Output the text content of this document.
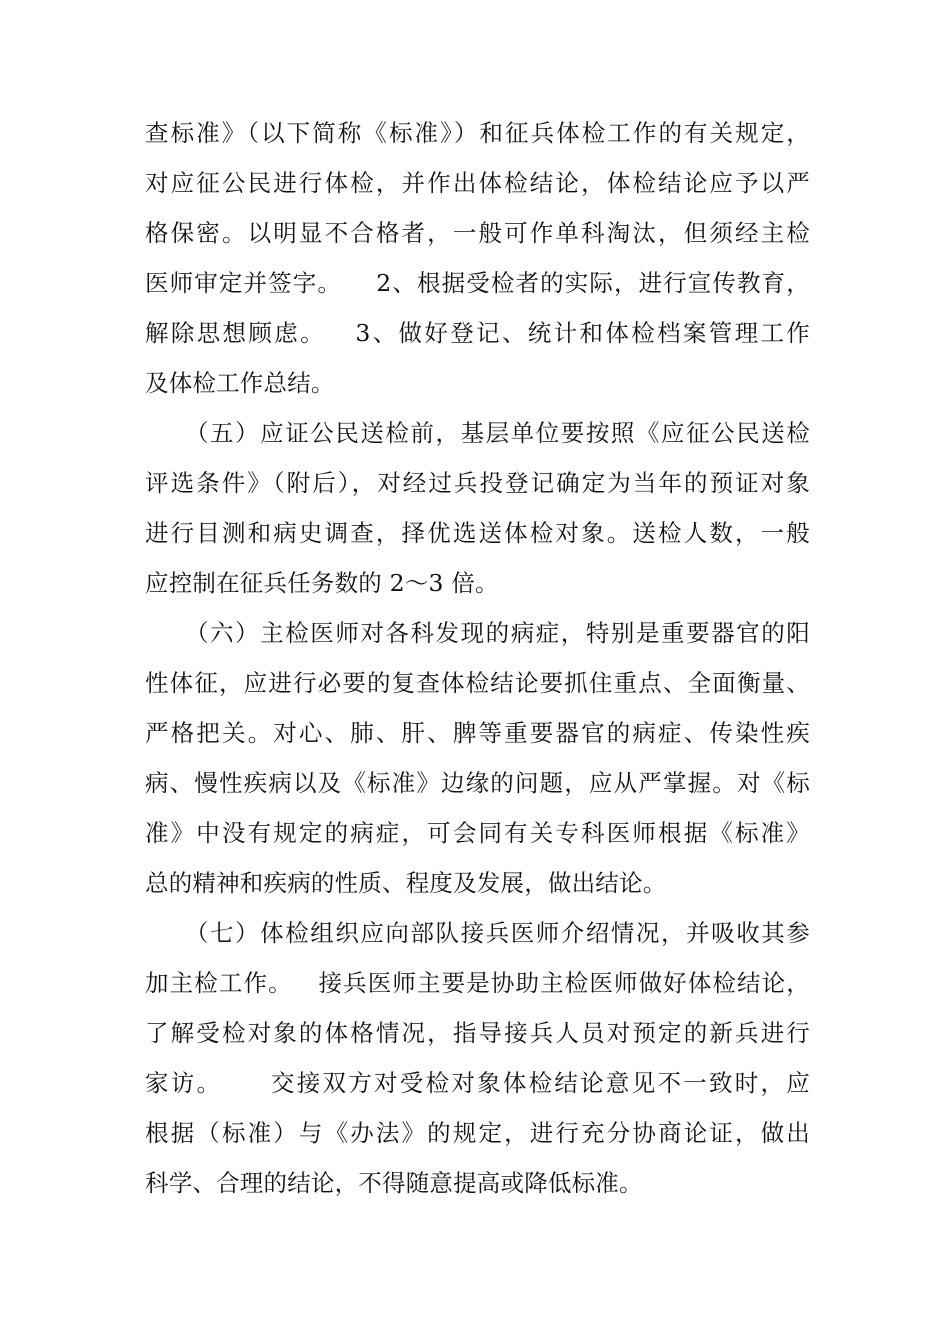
查标准》（以下简称《标准》）和征兵体检工作的有关规定，
对应征公民进行体检，并作出体检结论，体检结论应予以严
格保密。以明显不合格者，一般可作单科淘汰，但须经主检
医师审定并签字。    2、根据受检者的实际，进行宣传教育，
解除思想顾虑。   3、做好登记、统计和体检档案管理工作
及体检工作总结。
（五）应证公民送检前，基层单位要按照《应征公民送检
评选条件》（附后），对经过兵投登记确定为当年的预证对象
进行目测和病史调查，择优选送体检对象。送检人数，一般
应控制在征兵任务数的 2～3 倍。
（六）主检医师对各科发现的病症，特别是重要器官的阳
性体征，应进行必要的复查体检结论要抓住重点、全面衡量、
严格把关。对心、肺、肝、脾等重要器官的病症、传染性疾
病、慢性疾病以及《标准》边缘的问题，应从严掌握。对《标
准》中没有规定的病症，可会同有关专科医师根据《标准》
总的精神和疾病的性质、程度及发展，做出结论。
（七）体检组织应向部队接兵医师介绍情况，并吸收其参
加主检工作。   接兵医师主要是协助主检医师做好体检结论，
了解受检对象的体格情况，指导接兵人员对预定的新兵进行
家访。     交接双方对受检对象体检结论意见不一致时，应
根据（标准）与《办法》的规定，进行充分协商论证，做出
科学、合理的结论，不得随意提高或降低标准。
